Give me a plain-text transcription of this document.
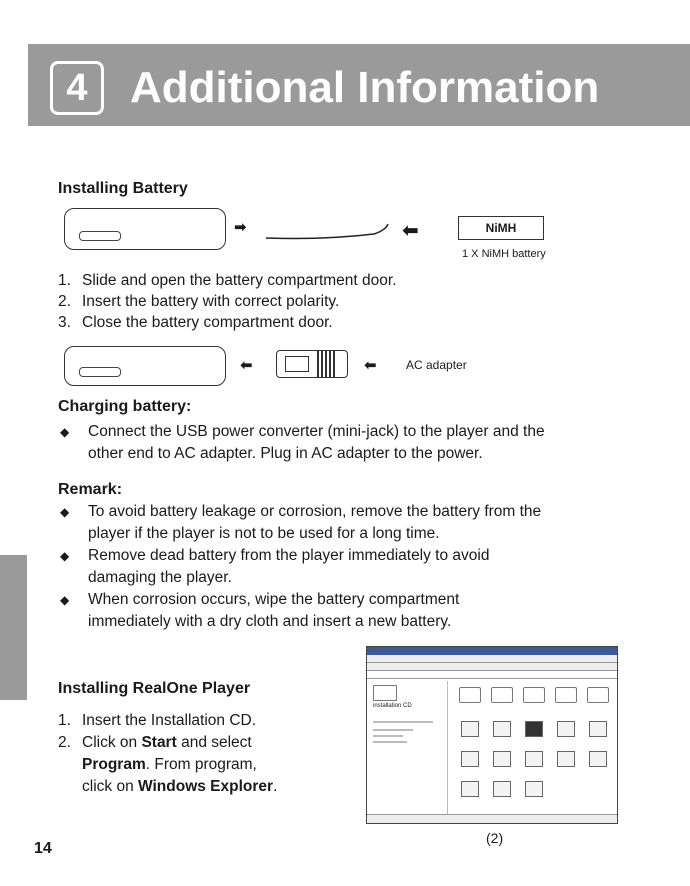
4 Additional Information
Installing Battery
➡	⬅	NiMH
1 X NiMH battery
1. Slide and open the battery compartment door.
2. Insert the battery with correct polarity.
3. Close the battery compartment door.
⬅	⬅ AC adapter
Charging battery:
◆	Connect the USB power converter (mini-jack) to the player and the
other end to AC adapter. Plug in AC adapter to the power.
Remark:
◆	To avoid battery leakage or corrosion, remove the battery from the
player if the player is not to be used for a long time.
◆	Remove dead battery from the player immediately to avoid
damaging the player.
◆	When corrosion occurs, wipe the battery compartment
immediately with a dry cloth and insert a new battery.
Installing RealOne Player
1. Insert the Installation CD.
2. Click on Start and select
Program. From program,
click on Windows Explorer.
installation CD
(2)
14
